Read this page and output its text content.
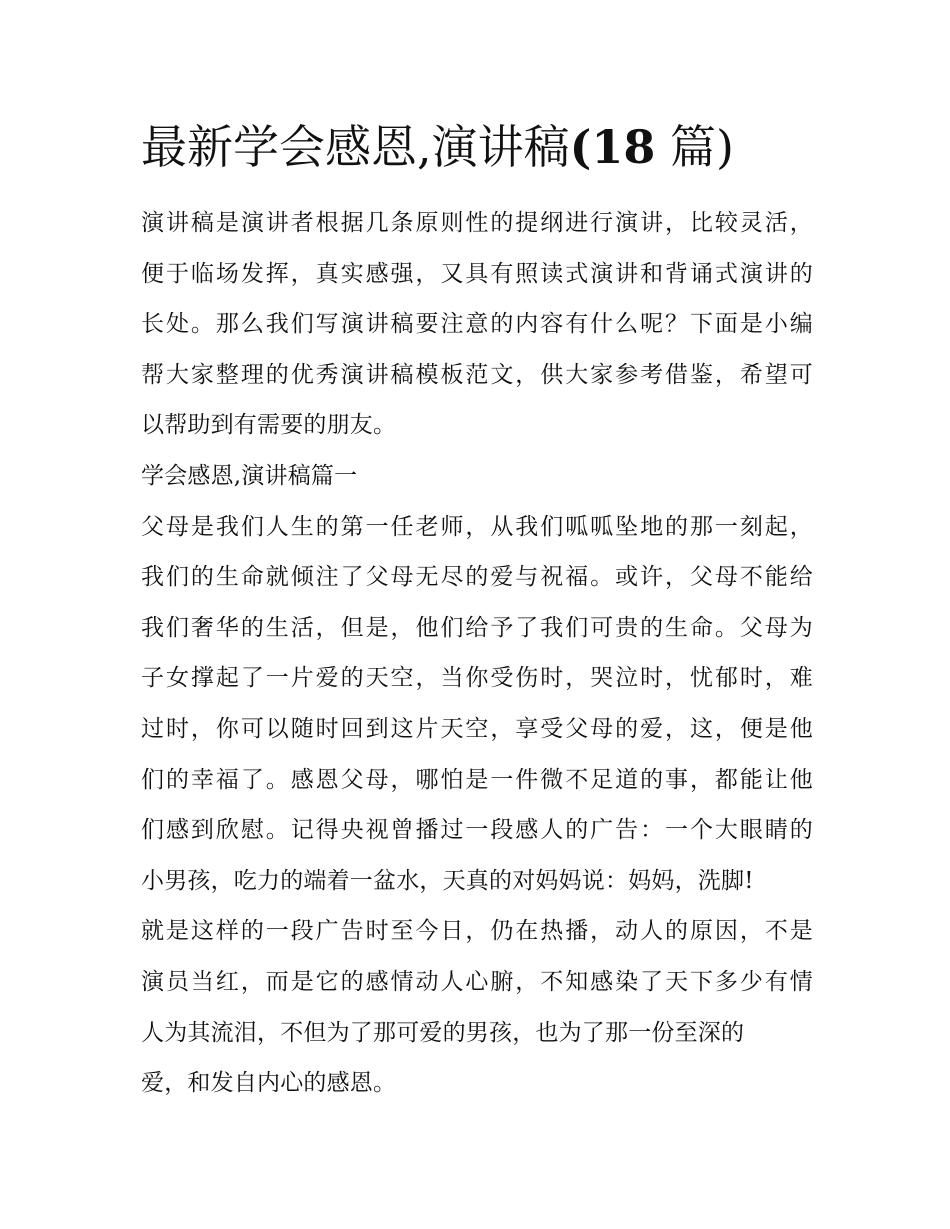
最新学会感恩,演讲稿(18 篇)
演讲稿是演讲者根据几条原则性的提纲进行演讲，比较灵活，
便于临场发挥，真实感强，又具有照读式演讲和背诵式演讲的
长处。那么我们写演讲稿要注意的内容有什么呢？下面是小编
帮大家整理的优秀演讲稿模板范文，供大家参考借鉴，希望可
以帮助到有需要的朋友。
学会感恩,演讲稿篇一
父母是我们人生的第一任老师，从我们呱呱坠地的那一刻起，
我们的生命就倾注了父母无尽的爱与祝福。或许，父母不能给
我们奢华的生活，但是，他们给予了我们可贵的生命。父母为
子女撑起了一片爱的天空，当你受伤时，哭泣时，忧郁时，难
过时，你可以随时回到这片天空，享受父母的爱，这，便是他
们的幸福了。感恩父母，哪怕是一件微不足道的事，都能让他
们感到欣慰。记得央视曾播过一段感人的广告：一个大眼睛的
小男孩，吃力的端着一盆水，天真的对妈妈说：妈妈，洗脚!
就是这样的一段广告时至今日，仍在热播，动人的原因，不是
演员当红，而是它的感情动人心腑，不知感染了天下多少有情
人为其流泪，不但为了那可爱的男孩，也为了那一份至深的
爱，和发自内心的感恩。
